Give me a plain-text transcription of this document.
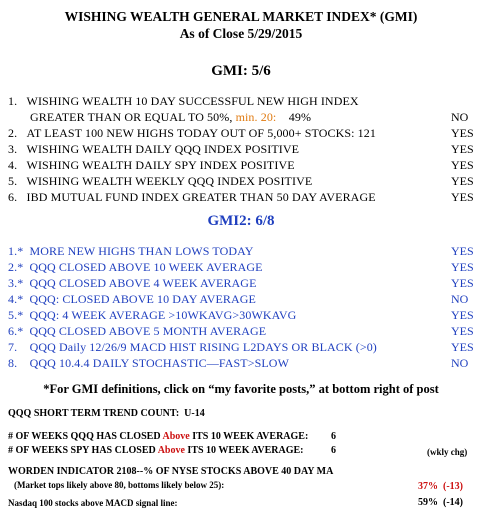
WISHING WEALTH GENERAL MARKET INDEX* (GMI)
As of Close 5/29/2015
GMI: 5/6
1. WISHING WEALTH 10 DAY SUCCESSFUL NEW HIGH INDEX
GREATER THAN OR EQUAL TO 50%, min. 20: 49%	NO
2. AT LEAST 100 NEW HIGHS TODAY OUT OF 5,000+ STOCKS: 121	YES
3. WISHING WEALTH DAILY QQQ INDEX POSITIVE	YES
4. WISHING WEALTH DAILY SPY INDEX POSITIVE	YES
5. WISHING WEALTH WEEKLY QQQ INDEX POSITIVE	YES
6. IBD MUTUAL FUND INDEX GREATER THAN 50 DAY AVERAGE	YES
GMI2: 6/8
1.* MORE NEW HIGHS THAN LOWS TODAY	YES
2.* QQQ CLOSED ABOVE 10 WEEK AVERAGE	YES
3.* QQQ CLOSED ABOVE 4 WEEK AVERAGE	YES
4.* QQQ: CLOSED ABOVE 10 DAY AVERAGE	NO
5.* QQQ: 4 WEEK AVERAGE >10WKAVG>30WKAVG	YES
6.* QQQ CLOSED ABOVE 5 MONTH AVERAGE	YES
7. QQQ Daily 12/26/9 MACD HIST RISING L2DAYS OR BLACK (>0)	YES
8. QQQ 10.4.4 DAILY STOCHASTIC—FAST>SLOW	NO
*For GMI definitions, click on “my favorite posts,” at bottom right of post
QQQ SHORT TERM TREND COUNT: U-14
# OF WEEKS QQQ HAS CLOSED Above ITS 10 WEEK AVERAGE: 6
# OF WEEKS SPY HAS CLOSED Above ITS 10 WEEK AVERAGE:	6	(wkly chg)
WORDEN INDICATOR 2108--% OF NYSE STOCKS ABOVE 40 DAY MA
(Market tops likely above 80, bottoms likely below 25):	37% (-13)
Nasdaq 100 stocks above MACD signal line:	59% (-14)
